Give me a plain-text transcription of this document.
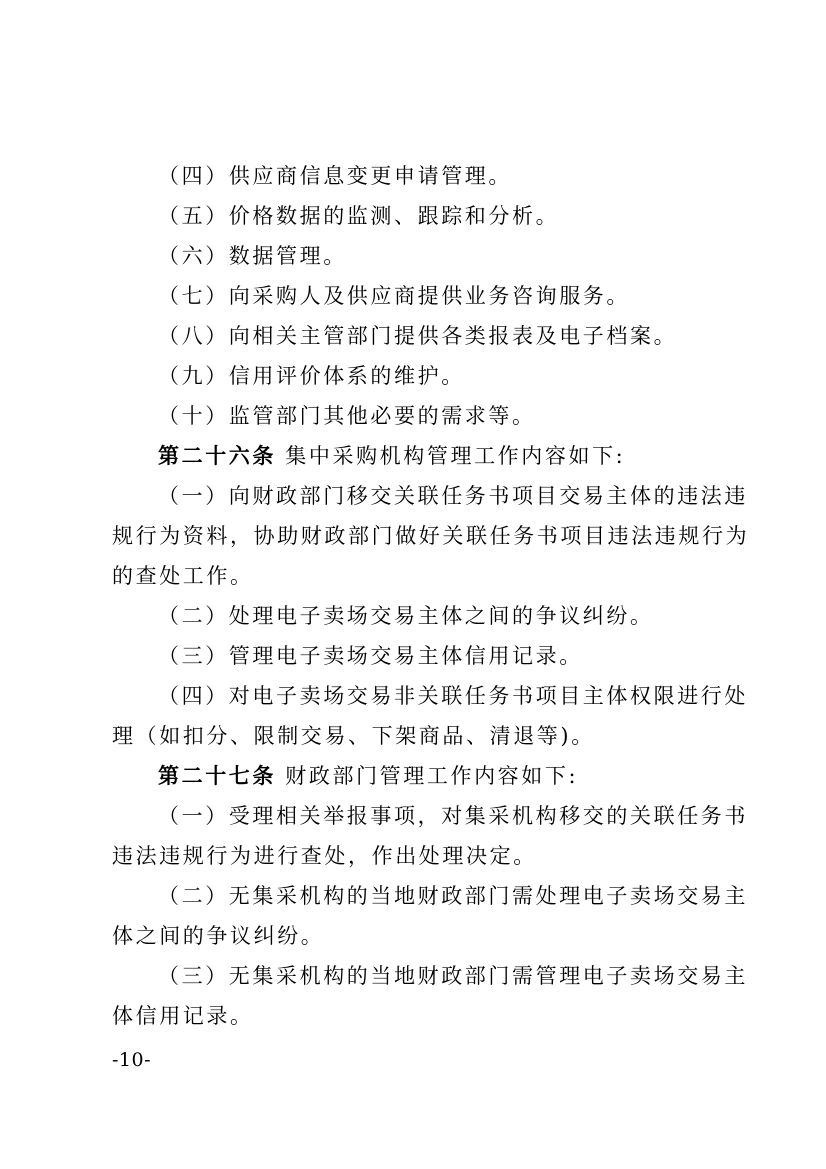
（四）供应商信息变更申请管理。
（五）价格数据的监测、跟踪和分析。
（六）数据管理。
（七）向采购人及供应商提供业务咨询服务。
（八）向相关主管部门提供各类报表及电子档案。
（九）信用评价体系的维护。
（十）监管部门其他必要的需求等。
第二十六条 集中采购机构管理工作内容如下:
（一）向财政部门移交关联任务书项目交易主体的违法违
规行为资料，协助财政部门做好关联任务书项目违法违规行为
的查处工作。
（二）处理电子卖场交易主体之间的争议纠纷。
（三）管理电子卖场交易主体信用记录。
（四）对电子卖场交易非关联任务书项目主体权限进行处
理（如扣分、限制交易、下架商品、清退等)。
第二十七条 财政部门管理工作内容如下:
（一）受理相关举报事项，对集采机构移交的关联任务书
违法违规行为进行查处，作出处理决定。
（二）无集采机构的当地财政部门需处理电子卖场交易主
体之间的争议纠纷。
（三）无集采机构的当地财政部门需管理电子卖场交易主
体信用记录。
-10-
